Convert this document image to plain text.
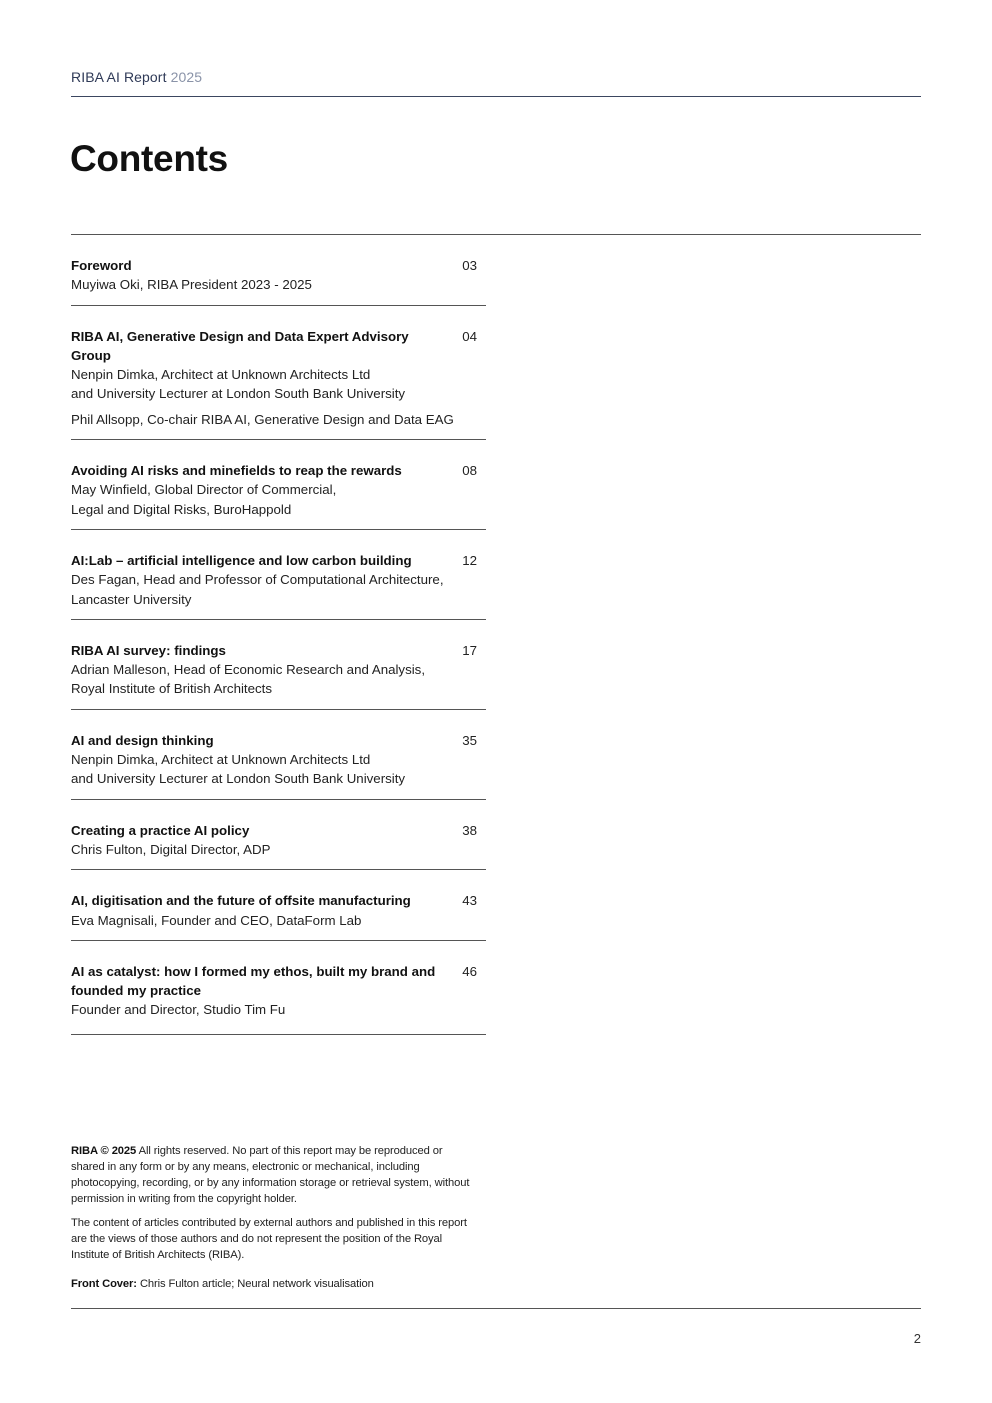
RIBA AI Report 2025
Contents
Foreword
Muyiwa Oki, RIBA President 2023 - 2025
03
RIBA AI, Generative Design and Data Expert Advisory Group
Nenpin Dimka, Architect at Unknown Architects Ltd
and University Lecturer at London South Bank University
Phil Allsopp, Co-chair RIBA AI, Generative Design and Data EAG
04
Avoiding AI risks and minefields to reap the rewards
May Winfield, Global Director of Commercial,
Legal and Digital Risks, BuroHappold
08
AI:Lab – artificial intelligence and low carbon building
Des Fagan, Head and Professor of Computational Architecture,
Lancaster University
12
RIBA AI survey: findings
Adrian Malleson, Head of Economic Research and Analysis,
Royal Institute of British Architects
17
AI and design thinking
Nenpin Dimka, Architect at Unknown Architects Ltd
and University Lecturer at London South Bank University
35
Creating a practice AI policy
Chris Fulton, Digital Director, ADP
38
AI, digitisation and the future of offsite manufacturing
Eva Magnisali, Founder and CEO, DataForm Lab
43
AI as catalyst: how I formed my ethos, built my brand and founded my practice
Founder and Director, Studio Tim Fu
46

RIBA © 2025 All rights reserved. No part of this report may be reproduced or shared in any form or by any means, electronic or mechanical, including photocopying, recording, or by any information storage or retrieval system, without permission in writing from the copyright holder.

The content of articles contributed by external authors and published in this report are the views of those authors and do not represent the position of the Royal Institute of British Architects (RIBA).

Front Cover: Chris Fulton article; Neural network visualisation

2
